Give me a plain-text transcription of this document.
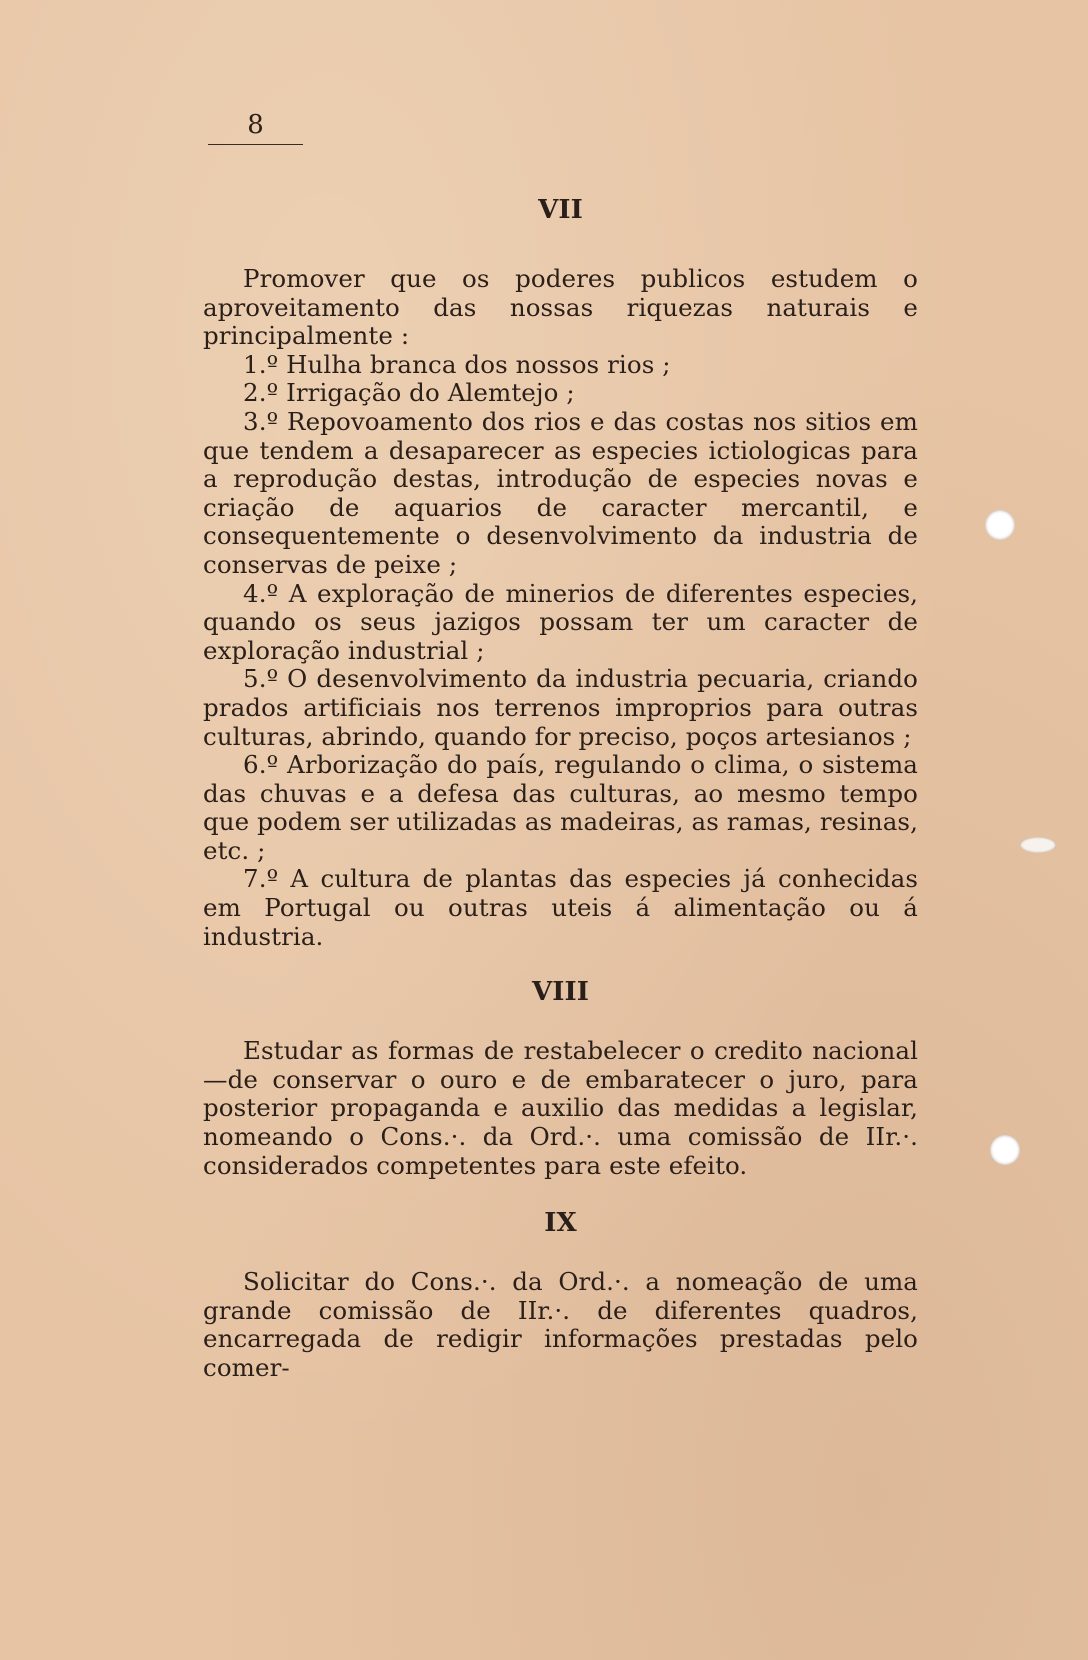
8
VII

Promover que os poderes publicos estudem o aproveitamento das nossas riquezas naturais e principalmente :

1.º Hulha branca dos nossos rios ;

2.º Irrigação do Alemtejo ;

3.º Repovoamento dos rios e das costas nos sitios em que tendem a desaparecer as especies ictiologicas para a reprodução destas, introdução de especies novas e criação de aquarios de caracter mercantil, e consequentemente o desenvolvimento da industria de conservas de peixe ;

4.º A exploração de minerios de diferentes especies, quando os seus jazigos possam ter um caracter de exploração industrial ;

5.º O desenvolvimento da industria pecuaria, criando prados artificiais nos terrenos improprios para outras culturas, abrindo, quando for preciso, poços artesianos ;

6.º Arborização do país, regulando o clima, o sistema das chuvas e a defesa das culturas, ao mesmo tempo que podem ser utilizadas as madeiras, as ramas, resinas, etc. ;

7.º A cultura de plantas das especies já conhecidas em Portugal ou outras uteis á alimentação ou á industria.

VIII

Estudar as formas de restabelecer o credito nacional—de conservar o ouro e de embaratecer o juro, para posterior propaganda e auxilio das medidas a legislar, nomeando o Cons.·. da Ord.·. uma comissão de IIr.·. considerados competentes para este efeito.

IX

Solicitar do Cons.·. da Ord.·. a nomeação de uma grande comissão de IIr.·. de diferentes quadros, encarregada de redigir informações prestadas pelo comer-
